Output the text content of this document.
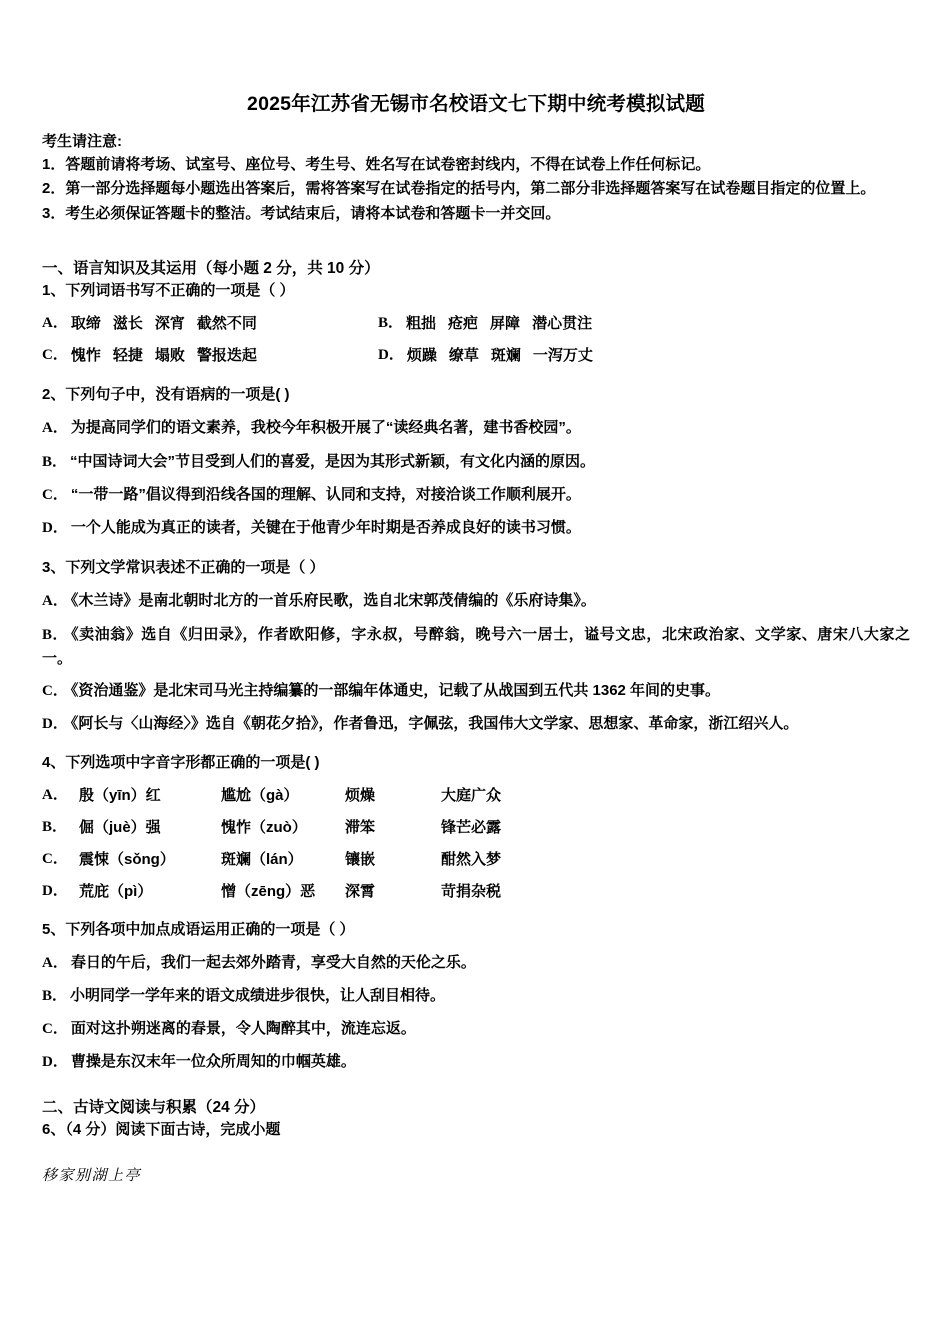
2025年江苏省无锡市名校语文七下期中统考模拟试题
考生请注意:

1．答题前请将考场、试室号、座位号、考生号、姓名写在试卷密封线内，不得在试卷上作任何标记。

2．第一部分选择题每小题选出答案后，需将答案写在试卷指定的括号内，第二部分非选择题答案写在试卷题目指定的位置上。

3．考生必须保证答题卡的整洁。考试结束后，请将本试卷和答题卡一并交回。

一、语言知识及其运用（每小题 2 分，共 10 分）

1、下列词语书写不正确的一项是（ ）

A． 取缔 滋长 深宵 截然不同	B． 粗拙 疮疤 屏障 潜心贯注
C． 愧怍 轻捷 塌败 警报迭起	D． 烦躁 缭草 斑斓 一泻万丈

2、下列句子中，没有语病的一项是( )

A． 为提高同学们的语文素养，我校今年积极开展了“读经典名著，建书香校园”。

B． “中国诗词大会”节目受到人们的喜爱，是因为其形式新颖，有文化内涵的原因。

C． “一带一路”倡议得到沿线各国的理解、认同和支持，对接洽谈工作顺利展开。

D． 一个人能成为真正的读者，关键在于他青少年时期是否养成良好的读书习惯。

3、下列文学常识表述不正确的一项是（ ）

A． 《木兰诗》是南北朝时北方的一首乐府民歌，选自北宋郭茂倩编的《乐府诗集》。

B． 《卖油翁》选自《归田录》，作者欧阳修，字永叔，号醉翁，晚号六一居士，谥号文忠，北宋政治家、文学家、唐宋八大家之一。

C． 《资治通鉴》是北宋司马光主持编纂的一部编年体通史，记载了从战国到五代共 1362 年间的史事。

D． 《阿长与〈山海经〉》选自《朝花夕拾》，作者鲁迅，字佩弦，我国伟大文学家、思想家、革命家，浙江绍兴人。

4、下列选项中字音字形都正确的一项是( )

A． 殷（yīn）红	尴尬（gà）	烦燥	大庭广众
B． 倔（juè）强	愧怍（zuò）	滞笨	锋芒必露
C． 震悚（sǒng）	斑斓（lán）	镶嵌	酣然入梦
D． 荒庇（pì）	憎（zēng）恶	深霄	苛捐杂税

5、下列各项中加点成语运用正确的一项是（ ）

A． 春日的午后，我们一起去郊外踏青，享受大自然的天伦之乐。

B． 小明同学一学年来的语文成绩进步很快，让人刮目相待。

C． 面对这扑朔迷离的春景，令人陶醉其中，流连忘返。

D． 曹操是东汉末年一位众所周知的巾帼英雄。

二、古诗文阅读与积累（24 分）

6、（4 分）阅读下面古诗，完成小题

移家别湖上亭
